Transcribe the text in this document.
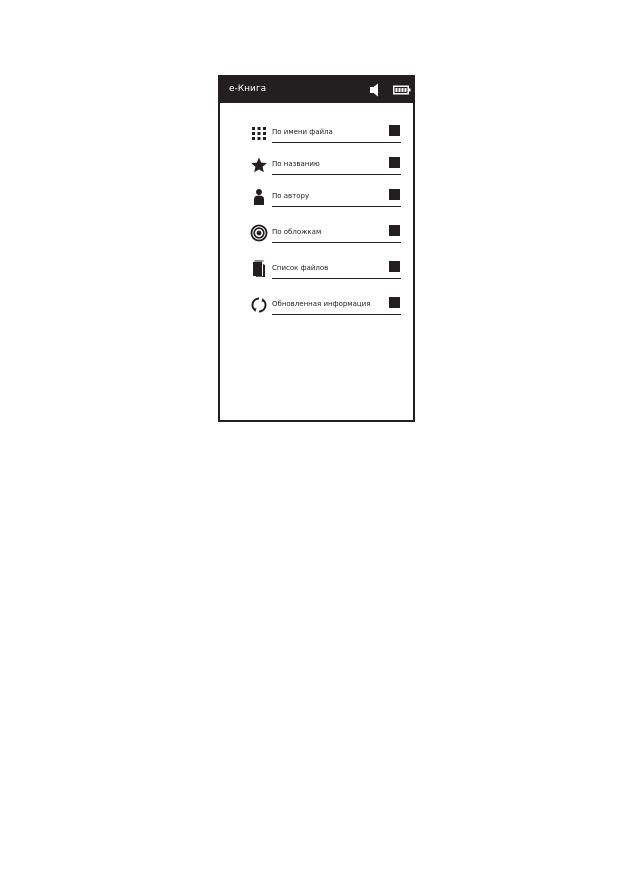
e-Книга
По имени файла
По названию
По автору
По обложкам
Список файлов
Обновленная информация
